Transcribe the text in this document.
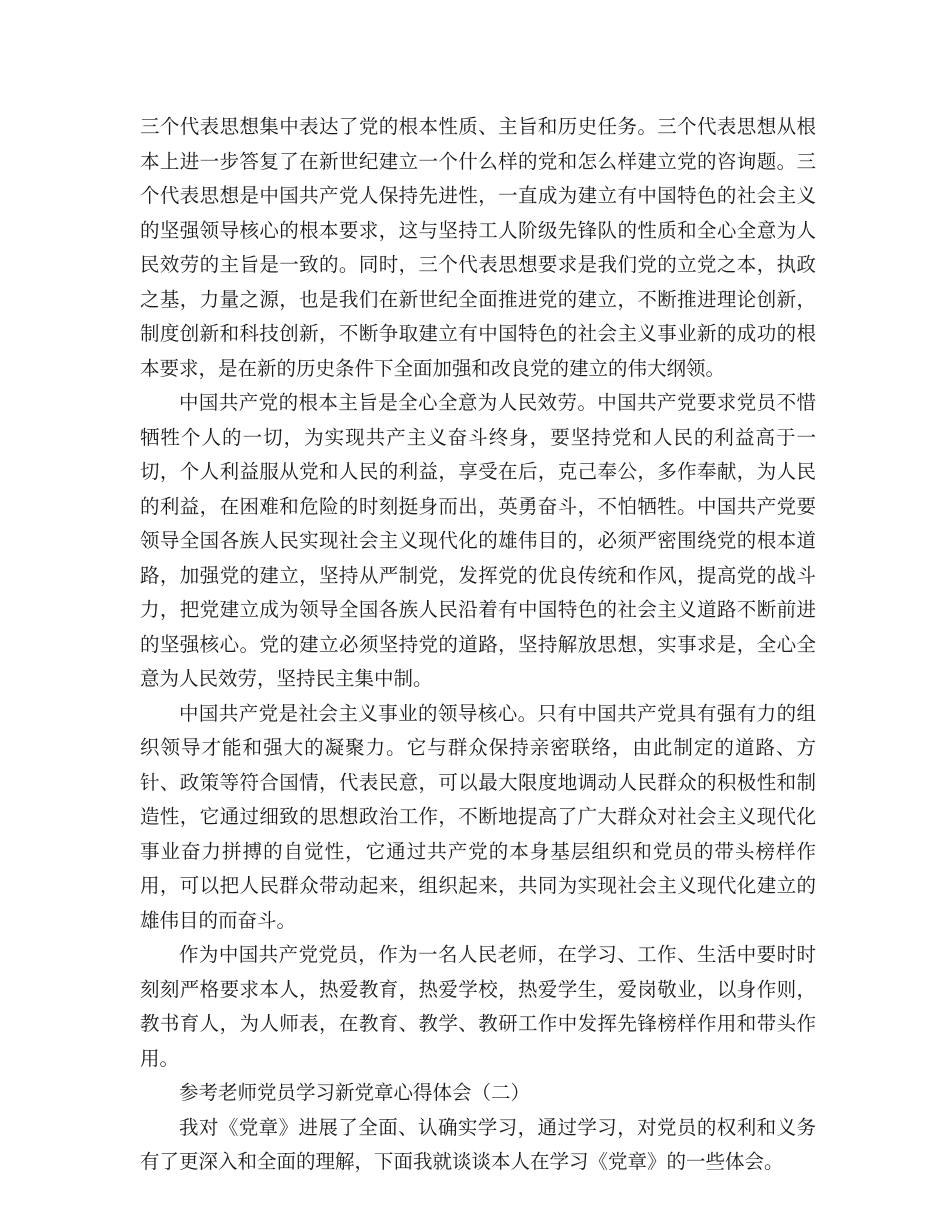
三个代表思想集中表达了党的根本性质、主旨和历史任务。三个代表思想从根本上进一步答复了在新世纪建立一个什么样的党和怎么样建立党的咨询题。三个代表思想是中国共产党人保持先进性，一直成为建立有中国特色的社会主义的坚强领导核心的根本要求，这与坚持工人阶级先锋队的性质和全心全意为人民效劳的主旨是一致的。同时，三个代表思想要求是我们党的立党之本，执政之基，力量之源，也是我们在新世纪全面推进党的建立，不断推进理论创新，制度创新和科技创新，不断争取建立有中国特色的社会主义事业新的成功的根本要求，是在新的历史条件下全面加强和改良党的建立的伟大纲领。

中国共产党的根本主旨是全心全意为人民效劳。中国共产党要求党员不惜牺牲个人的一切，为实现共产主义奋斗终身，要坚持党和人民的利益高于一切，个人利益服从党和人民的利益，享受在后，克己奉公，多作奉献，为人民的利益，在困难和危险的时刻挺身而出，英勇奋斗，不怕牺牲。中国共产党要领导全国各族人民实现社会主义现代化的雄伟目的，必须严密围绕党的根本道路，加强党的建立，坚持从严制党，发挥党的优良传统和作风，提高党的战斗力，把党建立成为领导全国各族人民沿着有中国特色的社会主义道路不断前进的坚强核心。党的建立必须坚持党的道路，坚持解放思想，实事求是，全心全意为人民效劳，坚持民主集中制。

中国共产党是社会主义事业的领导核心。只有中国共产党具有强有力的组织领导才能和强大的凝聚力。它与群众保持亲密联络，由此制定的道路、方针、政策等符合国情，代表民意，可以最大限度地调动人民群众的积极性和制造性，它通过细致的思想政治工作，不断地提高了广大群众对社会主义现代化事业奋力拼搏的自觉性，它通过共产党的本身基层组织和党员的带头榜样作用，可以把人民群众带动起来，组织起来，共同为实现社会主义现代化建立的雄伟目的而奋斗。

作为中国共产党党员，作为一名人民老师，在学习、工作、生活中要时时刻刻严格要求本人，热爱教育，热爱学校，热爱学生，爱岗敬业，以身作则，教书育人，为人师表，在教育、教学、教研工作中发挥先锋榜样作用和带头作用。

参考老师党员学习新党章心得体会（二）

我对《党章》进展了全面、认确实学习，通过学习，对党员的权利和义务有了更深入和全面的理解，下面我就谈谈本人在学习《党章》的一些体会。
